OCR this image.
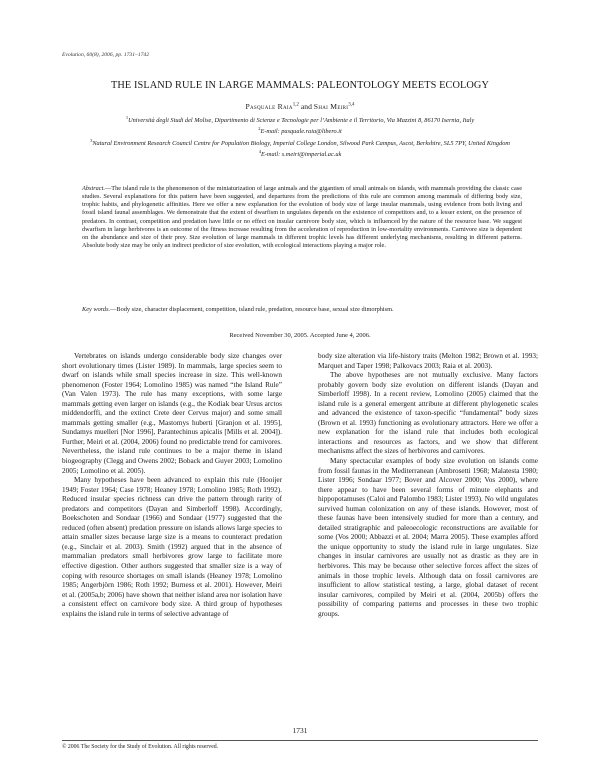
Evolution, 60(8), 2006, pp. 1731–1742
THE ISLAND RULE IN LARGE MAMMALS: PALEONTOLOGY MEETS ECOLOGY
Pasquale Raia$^{1,2}$ and Shai Meiri$^{3,4}$

$^1$Università degli Studi del Molise, Dipartimento di Scienze e Tecnologie per l’Ambiente e il Territorio, Via Mazzini 8, 86170 Isernia, Italy

$^2$E-mail: pasquale.raia@libero.it

$^3$Natural Environment Research Council Centre for Population Biology, Imperial College London, Silwood Park Campus, Ascot, Berkshire, SL5 7PY, United Kingdom

$^4$E-mail: s.meiri@imperial.ac.uk

Abstract.—The island rule is the phenomenon of the miniaturization of large animals and the gigantism of small animals on islands, with mammals providing the classic case studies. Several explanations for this pattern have been suggested, and departures from the predictions of this rule are common among mammals of differing body size, trophic habits, and phylogenetic affinities. Here we offer a new explanation for the evolution of body size of large insular mammals, using evidence from both living and fossil island faunal assemblages. We demonstrate that the extent of dwarfism in ungulates depends on the existence of competitors and, to a lesser extent, on the presence of predators. In contrast, competition and predation have little or no effect on insular carnivore body size, which is influenced by the nature of the resource base. We suggest dwarfism in large herbivores is an outcome of the fitness increase resulting from the acceleration of reproduction in low-mortality environments. Carnivore size is dependent on the abundance and size of their prey. Size evolution of large mammals in different trophic levels has different underlying mechanisms, resulting in different patterns. Absolute body size may be only an indirect predictor of size evolution, with ecological interactions playing a major role.

Key words.—Body size, character displacement, competition, island rule, predation, resource base, sexual size dimorphism.

Received November 30, 2005. Accepted June 4, 2006.

Vertebrates on islands undergo considerable body size changes over short evolutionary times (Lister 1989). In mammals, large species seem to dwarf on islands while small species increase in size. This well-known phenomenon (Foster 1964; Lomolino 1985) was named “the Island Rule” (Van Valen 1973). The rule has many exceptions, with some large mammals getting even larger on islands (e.g., the Kodiak bear Ursus arctos middendorffi, and the extinct Crete deer Cervus major) and some small mammals getting smaller (e.g., Mastomys huberti [Granjon et al. 1995], Sundamys muelleri [Nor 1996], Parantechinus apicalis [Mills et al. 2004]). Further, Meiri et al. (2004, 2006) found no predictable trend for carnivores. Nevertheless, the island rule continues to be a major theme in island biogeography (Clegg and Owens 2002; Boback and Guyer 2003; Lomolino 2005; Lomolino et al. 2005).

Many hypotheses have been advanced to explain this rule (Hooijer 1949; Foster 1964; Case 1978; Heaney 1978; Lomolino 1985; Roth 1992). Reduced insular species richness can drive the pattern through rarity of predators and competitors (Dayan and Simberloff 1998). Accordingly, Boekschoten and Sondaar (1966) and Sondaar (1977) suggested that the reduced (often absent) predation pressure on islands allows large species to attain smaller sizes because large size is a means to counteract predation (e.g., Sinclair et al. 2003). Smith (1992) argued that in the absence of mammalian predators small herbivores grow large to facilitate more effective digestion. Other authors suggested that smaller size is a way of coping with resource shortages on small islands (Heaney 1978; Lomolino 1985; Angerbjörn 1986; Roth 1992; Burness et al. 2001). However, Meiri et al. (2005a,b; 2006) have shown that neither island area nor isolation have a consistent effect on carnivore body size. A third group of hypotheses explains the island rule in terms of selective advantage of

body size alteration via life-history traits (Melton 1982; Brown et al. 1993; Marquet and Taper 1998; Palkovacs 2003; Raia et al. 2003).

The above hypotheses are not mutually exclusive. Many factors probably govern body size evolution on different islands (Dayan and Simberloff 1998). In a recent review, Lomolino (2005) claimed that the island rule is a general emergent attribute at different phylogenetic scales and advanced the existence of taxon-specific “fundamental” body sizes (Brown et al. 1993) functioning as evolutionary attractors. Here we offer a new explanation for the island rule that includes both ecological interactions and resources as factors, and we show that different mechanisms affect the sizes of herbivores and carnivores.

Many spectacular examples of body size evolution on islands come from fossil faunas in the Mediterranean (Ambrosetti 1968; Malatesta 1980; Lister 1996; Sondaar 1977; Bover and Alcover 2000; Vos 2000), where there appear to have been several forms of minute elephants and hippopotamuses (Caloi and Palombo 1983; Lister 1993). No wild ungulates survived human colonization on any of these islands. However, most of these faunas have been intensively studied for more than a century, and detailed stratigraphic and paleoecologic reconstructions are available for some (Vos 2000; Abbazzi et al. 2004; Marra 2005). These examples afford the unique opportunity to study the island rule in large ungulates. Size changes in insular carnivores are usually not as drastic as they are in herbivores. This may be because other selective forces affect the sizes of animals in those trophic levels. Although data on fossil carnivores are insufficient to allow statistical testing, a large, global dataset of recent insular carnivores, compiled by Meiri et al. (2004, 2005b) offers the possibility of comparing patterns and processes in these two trophic groups.

1731
© 2006 The Society for the Study of Evolution. All rights reserved.
